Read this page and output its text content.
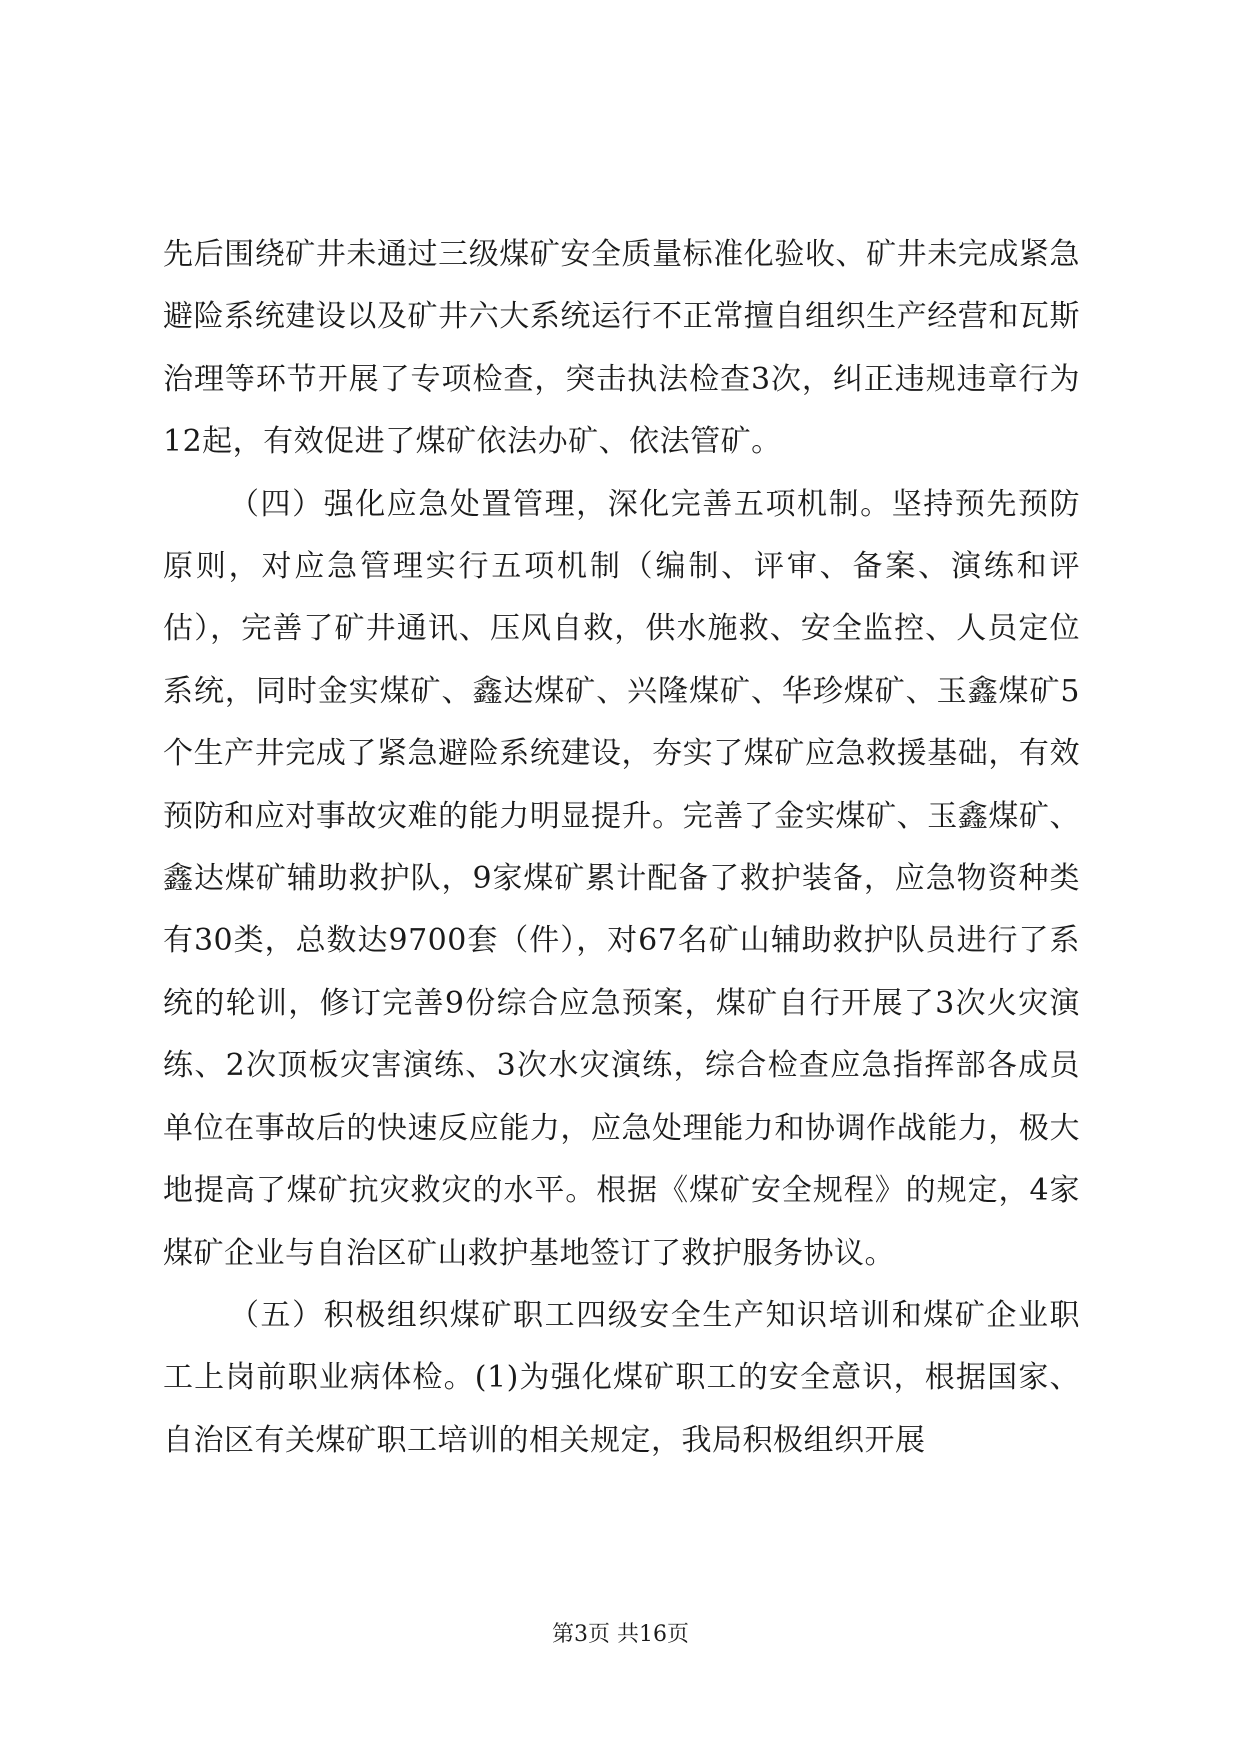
先后围绕矿井未通过三级煤矿安全质量标准化验收、矿井未完成紧急避险系统建设以及矿井六大系统运行不正常擅自组织生产经营和瓦斯治理等环节开展了专项检查，突击执法检查3次，纠正违规违章行为12起，有效促进了煤矿依法办矿、依法管矿。

（四）强化应急处置管理，深化完善五项机制。坚持预先预防原则，对应急管理实行五项机制（编制、评审、备案、演练和评估），完善了矿井通讯、压风自救，供水施救、安全监控、人员定位系统，同时金实煤矿、鑫达煤矿、兴隆煤矿、华珍煤矿、玉鑫煤矿5个生产井完成了紧急避险系统建设，夯实了煤矿应急救援基础，有效预防和应对事故灾难的能力明显提升。完善了金实煤矿、玉鑫煤矿、鑫达煤矿辅助救护队，9家煤矿累计配备了救护装备，应急物资种类有30类，总数达9700套（件），对67名矿山辅助救护队员进行了系统的轮训，修订完善9份综合应急预案，煤矿自行开展了3次火灾演练、2次顶板灾害演练、3次水灾演练，综合检查应急指挥部各成员单位在事故后的快速反应能力，应急处理能力和协调作战能力，极大地提高了煤矿抗灾救灾的水平。根据《煤矿安全规程》的规定，4家煤矿企业与自治区矿山救护基地签订了救护服务协议。

（五）积极组织煤矿职工四级安全生产知识培训和煤矿企业职工上岗前职业病体检。(1)为强化煤矿职工的安全意识，根据国家、自治区有关煤矿职工培训的相关规定，我局积极组织开展

第3页 共16页
